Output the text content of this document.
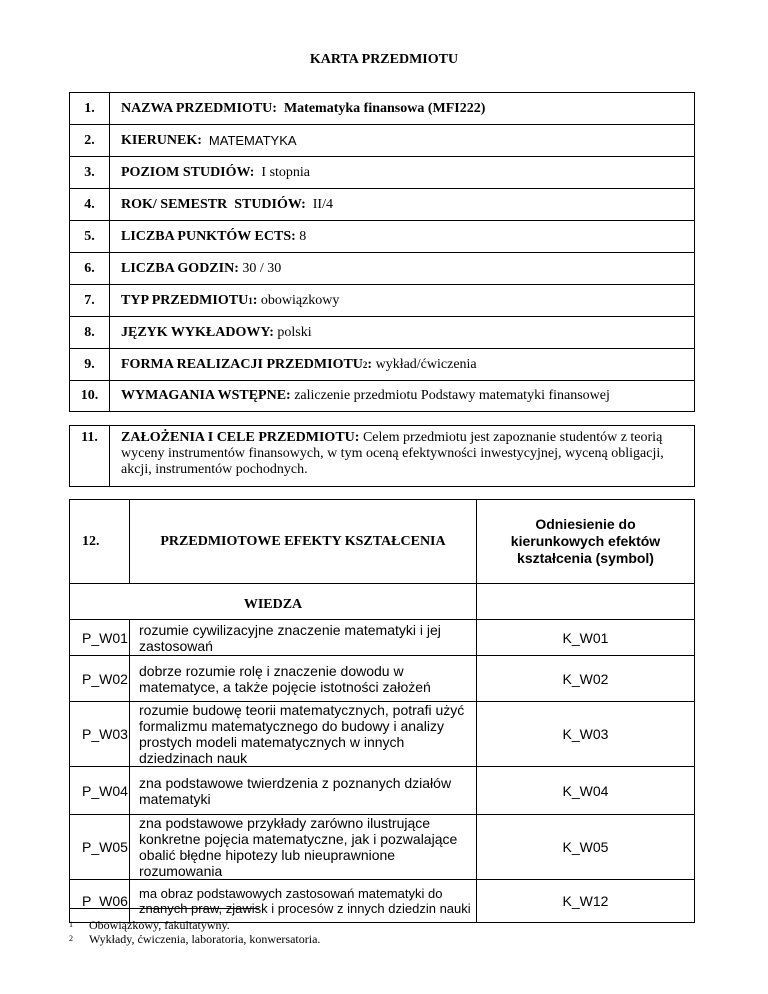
KARTA PRZEDMIOTU
1.	NAZWA PRZEDMIOTU:
Matematyka finansowa (MFI222)
2.	KIERUNEK:
MATEMATYKA
3.	POZIOM STUDIÓW:
I stopnia
4.	ROK/ SEMESTR  STUDIÓW:
II/4
5.	LICZBA PUNKTÓW ECTS:
8
6.	LICZBA GODZIN:
30 / 30
7.	TYP PRZEDMIOTU 1 :
obowiązkowy
8.	JĘZYK WYKŁADOWY:
polski
9.	FORMA REALIZACJI PRZEDMIOTU 2 :
wykład/ćwiczenia
10.	WYMAGANIA WSTĘPNE:
zaliczenie przedmiotu Podstawy matematyki finansowej
11.	ZAŁOŻENIA I CELE PRZEDMIOTU: Celem przedmiotu jest zapoznanie studentów z teorią wyceny instrumentów finansowych, w tym oceną efektywności inwestycyjnej, wyceną obligacji, akcji, instrumentów pochodnych.
12.	PRZEDMIOTOWE EFEKTY KSZTAŁCENIA	Odniesienie do kierunkowych efektów kształcenia (symbol)
WIEDZA		
P_W01	rozumie cywilizacyjne znaczenie matematyki i jej zastosowań	K_W01
P_W02	dobrze rozumie rolę i znaczenie dowodu w matematyce, a także pojęcie istotności założeń	K_W02
P_W03	rozumie budowę teorii matematycznych, potrafi użyć formalizmu matematycznego do budowy i analizy prostych modeli matematycznych w innych dziedzinach nauk	K_W03
P_W04	zna podstawowe twierdzenia z poznanych działów matematyki	K_W04
P_W05	zna podstawowe przykłady zarówno ilustrujące konkretne pojęcia matematyczne, jak i pozwalające obalić błędne hipotezy lub nieuprawnione rozumowania	K_W05
P_W06	ma obraz podstawowych zastosowań matematyki do znanych praw, zjawisk i procesów z innych dziedzin nauki	K_W12
$^1$ Obowiązkowy, fakultatywny.
$^2$ Wykłady, ćwiczenia, laboratoria, konwersatoria.
